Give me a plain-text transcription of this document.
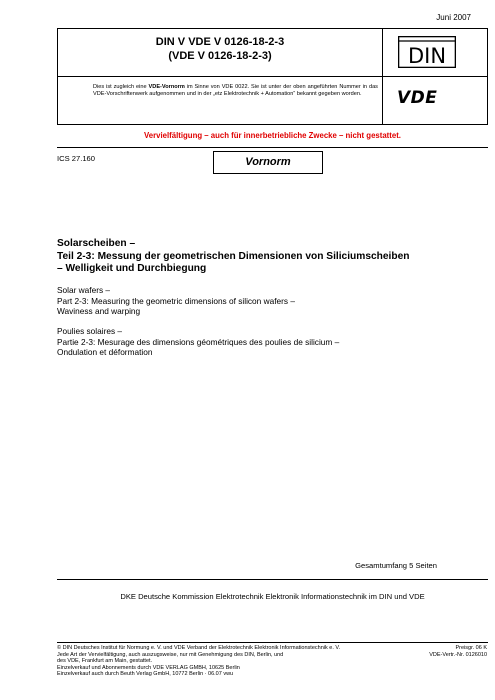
Juni 2007
DIN V VDE V 0126-18-2-3
(VDE V 0126-18-2-3)
Dies ist zugleich eine VDE-Vornorm im Sinne von VDE 0022. Sie ist unter der oben angeführten Nummer in das VDE-Vorschriftenwerk aufgenommen und in der „etz Elektrotechnik + Automation“ bekannt gegeben worden.
DIN
VDE
Vervielfältigung – auch für innerbetriebliche Zwecke – nicht gestattet.
ICS 27.160	Vornorm
Solarscheiben –
Teil 2-3: Messung der geometrischen Dimensionen von Siliciumscheiben
– Welligkeit und Durchbiegung
Solar wafers –
Part 2-3: Measuring the geometric dimensions of silicon wafers –
Waviness and warping
Poulies solaires –
Partie 2-3: Mesurage des dimensions géométriques des poulies de silicium –
Ondulation et déformation
Gesamtumfang 5 Seiten
DKE Deutsche Kommission Elektrotechnik Elektronik Informationstechnik im DIN und VDE
© DIN Deutsches Institut für Normung e. V. und VDE Verband der Elektrotechnik Elektronik Informationstechnik e. V.
Jede Art der Vervielfältigung, auch auszugsweise, nur mit Genehmigung des DIN, Berlin, und
des VDE, Frankfurt am Main, gestattet.
Einzelverkauf und Abonnements durch VDE VERLAG GMBH, 10625 Berlin
Einzelverkauf auch durch Beuth Verlag GmbH, 10772 Berlin · 06.07 vwu
Preisgr. 06 K
VDE-Vertr.-Nr. 0126010
